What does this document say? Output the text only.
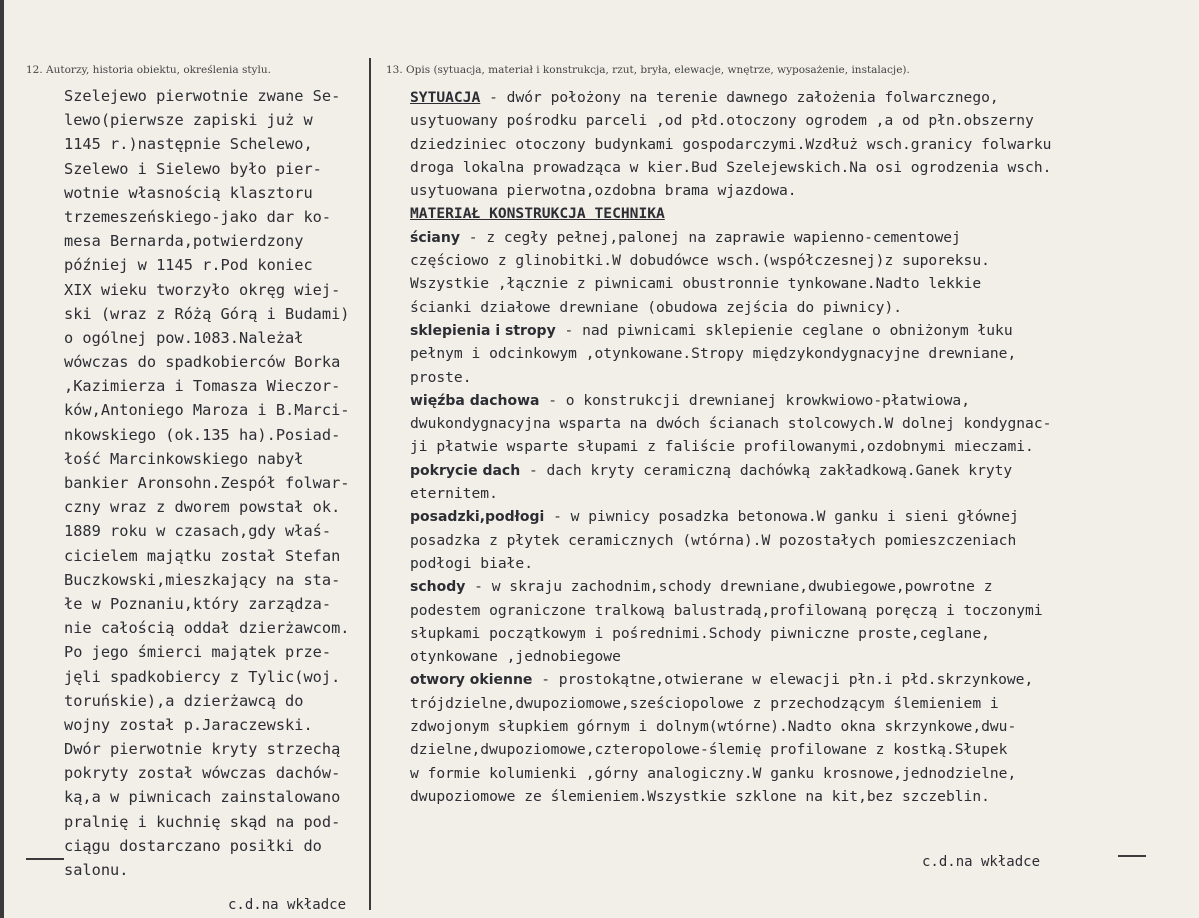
12. Autorzy, historia obiektu, określenia stylu.	13. Opis (sytuacja, materiał i konstrukcja, rzut, bryła, elewacje, wnętrze, wyposażenie, instalacje).
Szelejewo pierwotnie zwane Se-
lewo(pierwsze zapiski już w
1145 r.)następnie Schelewo,
Szelewo i Sielewo było pier-
wotnie własnością klasztoru
trzemeszeńskiego-jako dar ko-
mesa Bernarda,potwierdzony
później w 1145 r.Pod koniec
XIX wieku tworzyło okręg wiej-
ski (wraz z Różą Górą i Budami)
o ogólnej pow.1083.Należał
wówczas do spadkobierców Borka
,Kazimierza i Tomasza Wieczor-
ków,Antoniego Maroza i B.Marci-
nkowskiego (ok.135 ha).Posiad-
łość Marcinkowskiego nabył
bankier Aronsohn.Zespół folwar-
czny wraz z dworem powstał ok.
1889 roku w czasach,gdy właś-
cicielem majątku został Stefan
Buczkowski,mieszkający na sta-
łe w Poznaniu,który zarządza-
nie całością oddał dzierżawcom.
Po jego śmierci majątek prze-
jęli spadkobiercy z Tylic(woj.
toruńskie),a dzierżawcą do
wojny został p.Jaraczewski.
Dwór pierwotnie kryty strzechą
pokryty został wówczas dachów-
ką,a w piwnicach zainstalowano
pralnię i kuchnię skąd na pod-
ciągu dostarczano posiłki do
salonu.
SYTUACJA - dwór położony na terenie dawnego założenia folwarcznego,
usytuowany pośrodku parceli ,od płd.otoczony ogrodem ,a od płn.obszerny
dziedziniec otoczony budynkami gospodarczymi.Wzdłuż wsch.granicy folwarku
droga lokalna prowadząca w kier.Bud Szelejewskich.Na osi ogrodzenia wsch.
usytuowana pierwotna,ozdobna brama wjazdowa.
MATERIAŁ KONSTRUKCJA TECHNIKA
ściany - z cegły pełnej,palonej na zaprawie wapienno-cementowej
częściowo z glinobitki.W dobudówce wsch.(współczesnej)z suporeksu.
Wszystkie ,łącznie z piwnicami obustronnie tynkowane.Nadto lekkie
ścianki działowe drewniane (obudowa zejścia do piwnicy).
sklepienia i stropy - nad piwnicami sklepienie ceglane o obniżonym łuku
pełnym i odcinkowym ,otynkowane.Stropy międzykondygnacyjne drewniane,
proste.
więźba dachowa - o konstrukcji drewnianej krowkwiowo-płatwiowa,
dwukondygnacyjna wsparta na dwóch ścianach stolcowych.W dolnej kondygnac-
ji płatwie wsparte słupami z faliście profilowanymi,ozdobnymi mieczami.
pokrycie dach - dach kryty ceramiczną dachówką zakładkową.Ganek kryty
eternitem.
posadzki,podłogi - w piwnicy posadzka betonowa.W ganku i sieni głównej
posadzka z płytek ceramicznych (wtórna).W pozostałych pomieszczeniach
podłogi białe.
schody - w skraju zachodnim,schody drewniane,dwubiegowe,powrotne z
podestem ograniczone tralkową balustradą,profilowaną poręczą i toczonymi
słupkami początkowym i pośrednimi.Schody piwniczne proste,ceglane,
otynkowane ,jednobiegowe
otwory okienne - prostokątne,otwierane w elewacji płn.i płd.skrzynkowe,
trójdzielne,dwupoziomowe,sześciopolowe z przechodzącym ślemieniem i
zdwojonym słupkiem górnym i dolnym(wtórne).Nadto okna skrzynkowe,dwu-
dzielne,dwupoziomowe,czteropolowe-ślemię profilowane z kostką.Słupek
w formie kolumienki ,górny analogiczny.W ganku krosnowe,jednodzielne,
dwupoziomowe ze ślemieniem.Wszystkie szklone na kit,bez szczeblin.
c.d.na wkładce
c.d.na wkładce
